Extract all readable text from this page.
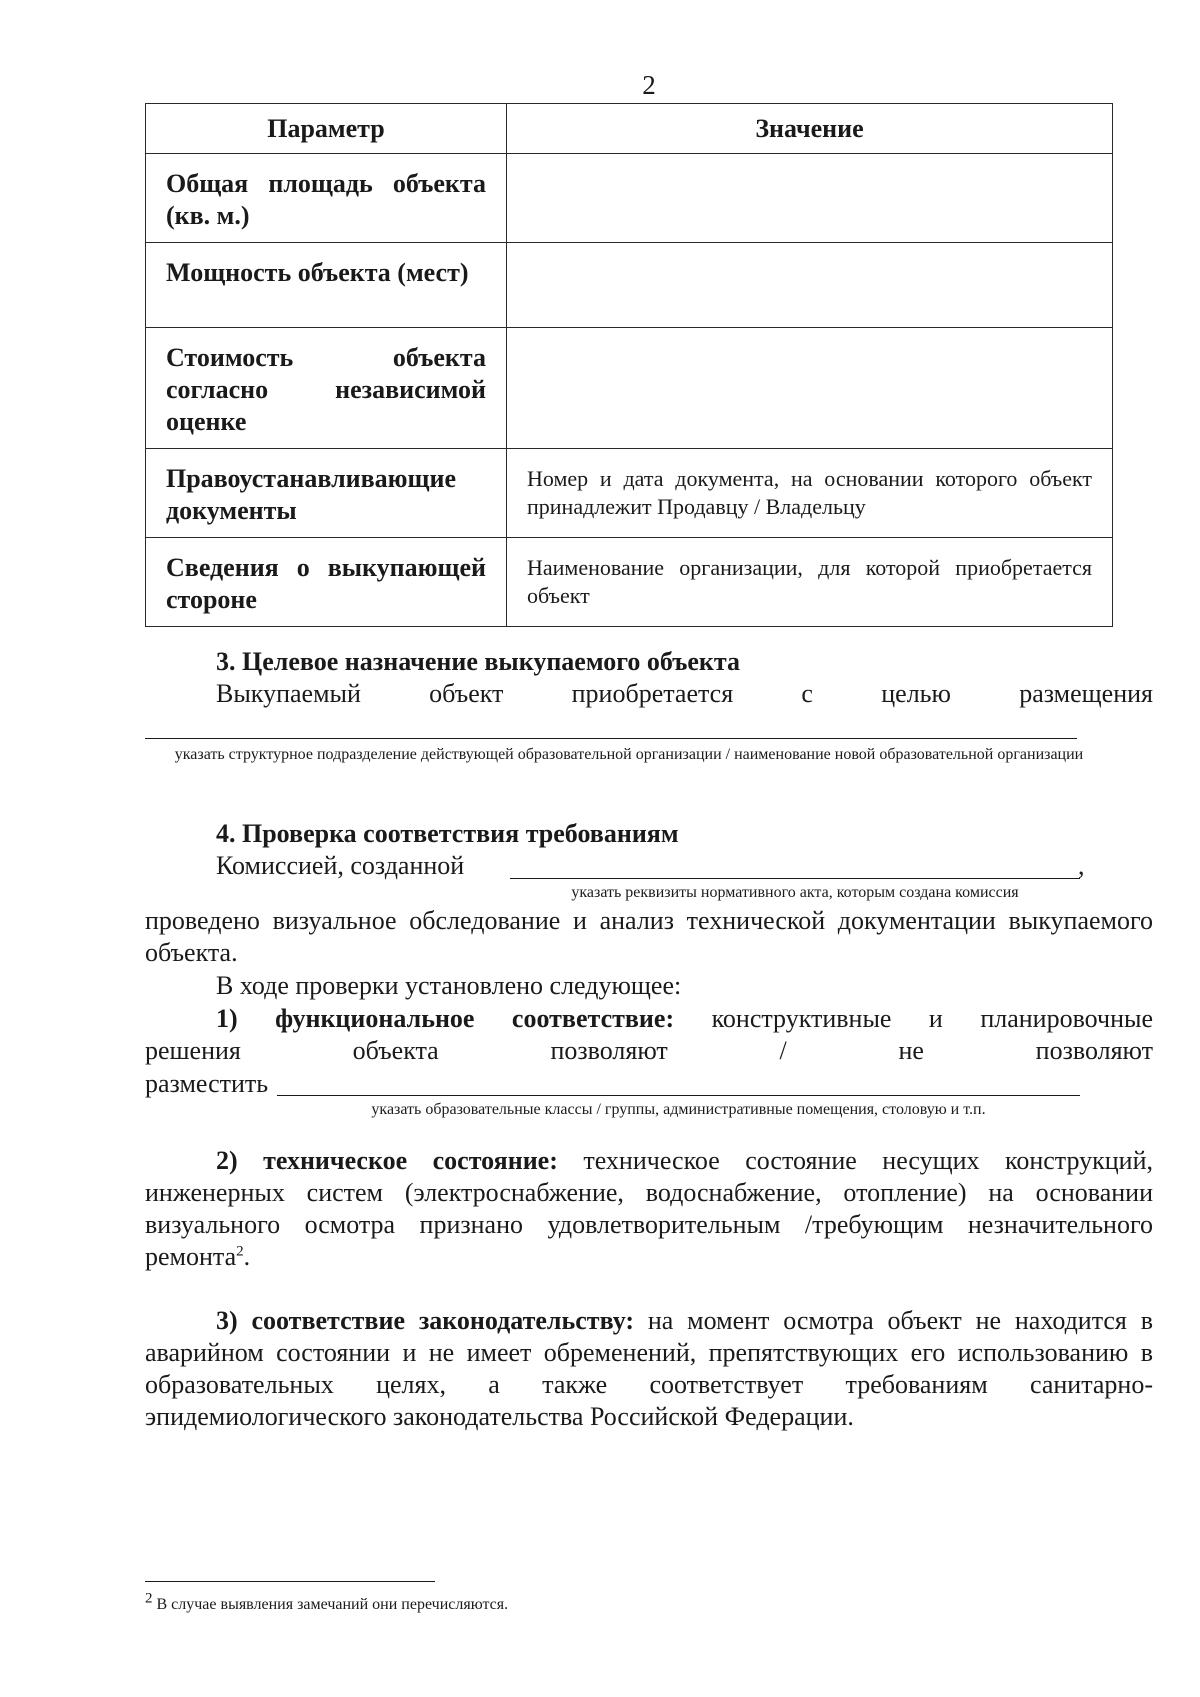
2
Параметр	Значение

Общая площадь объекта (кв. м.)	

Мощность объекта (мест)	

Стоимость объекта согласно независимой оценке	

Правоустанавливающие документы	Номер и дата документа, на основании которого объект принадлежит Продавцу / Владельцу

Сведения о выкупающей стороне	Наименование организации, для которой приобретается объект
3. Целевое назначение выкупаемого объекта
Выкупаемый объект приобретается с целью размещения
указать структурное подразделение действующей образовательной организации / наименование новой образовательной организации
4. Проверка соответствия требованиям
Комиссией, созданной	,
указать реквизиты нормативного акта, которым создана комиссия
проведено визуальное обследование и анализ технической документации выкупаемого объекта.
В ходе проверки установлено следующее:
1) функциональное соответствие: конструктивные и планировочные
решения объекта позволяют / не позволяют
разместить
указать образовательные классы / группы, административные помещения, столовую и т.п.
2) техническое состояние: техническое состояние несущих конструкций, инженерных систем (электроснабжение, водоснабжение, отопление) на основании визуального осмотра признано удовлетворительным /требующим незначительного ремонта$^2$.
3) соответствие законодательству: на момент осмотра объект не находится в аварийном состоянии и не имеет обременений, препятствующих его использованию в образовательных целях, а также соответствует требованиям санитарно-эпидемиологического законодательства Российской Федерации.
$^2$ В случае выявления замечаний они перечисляются.
